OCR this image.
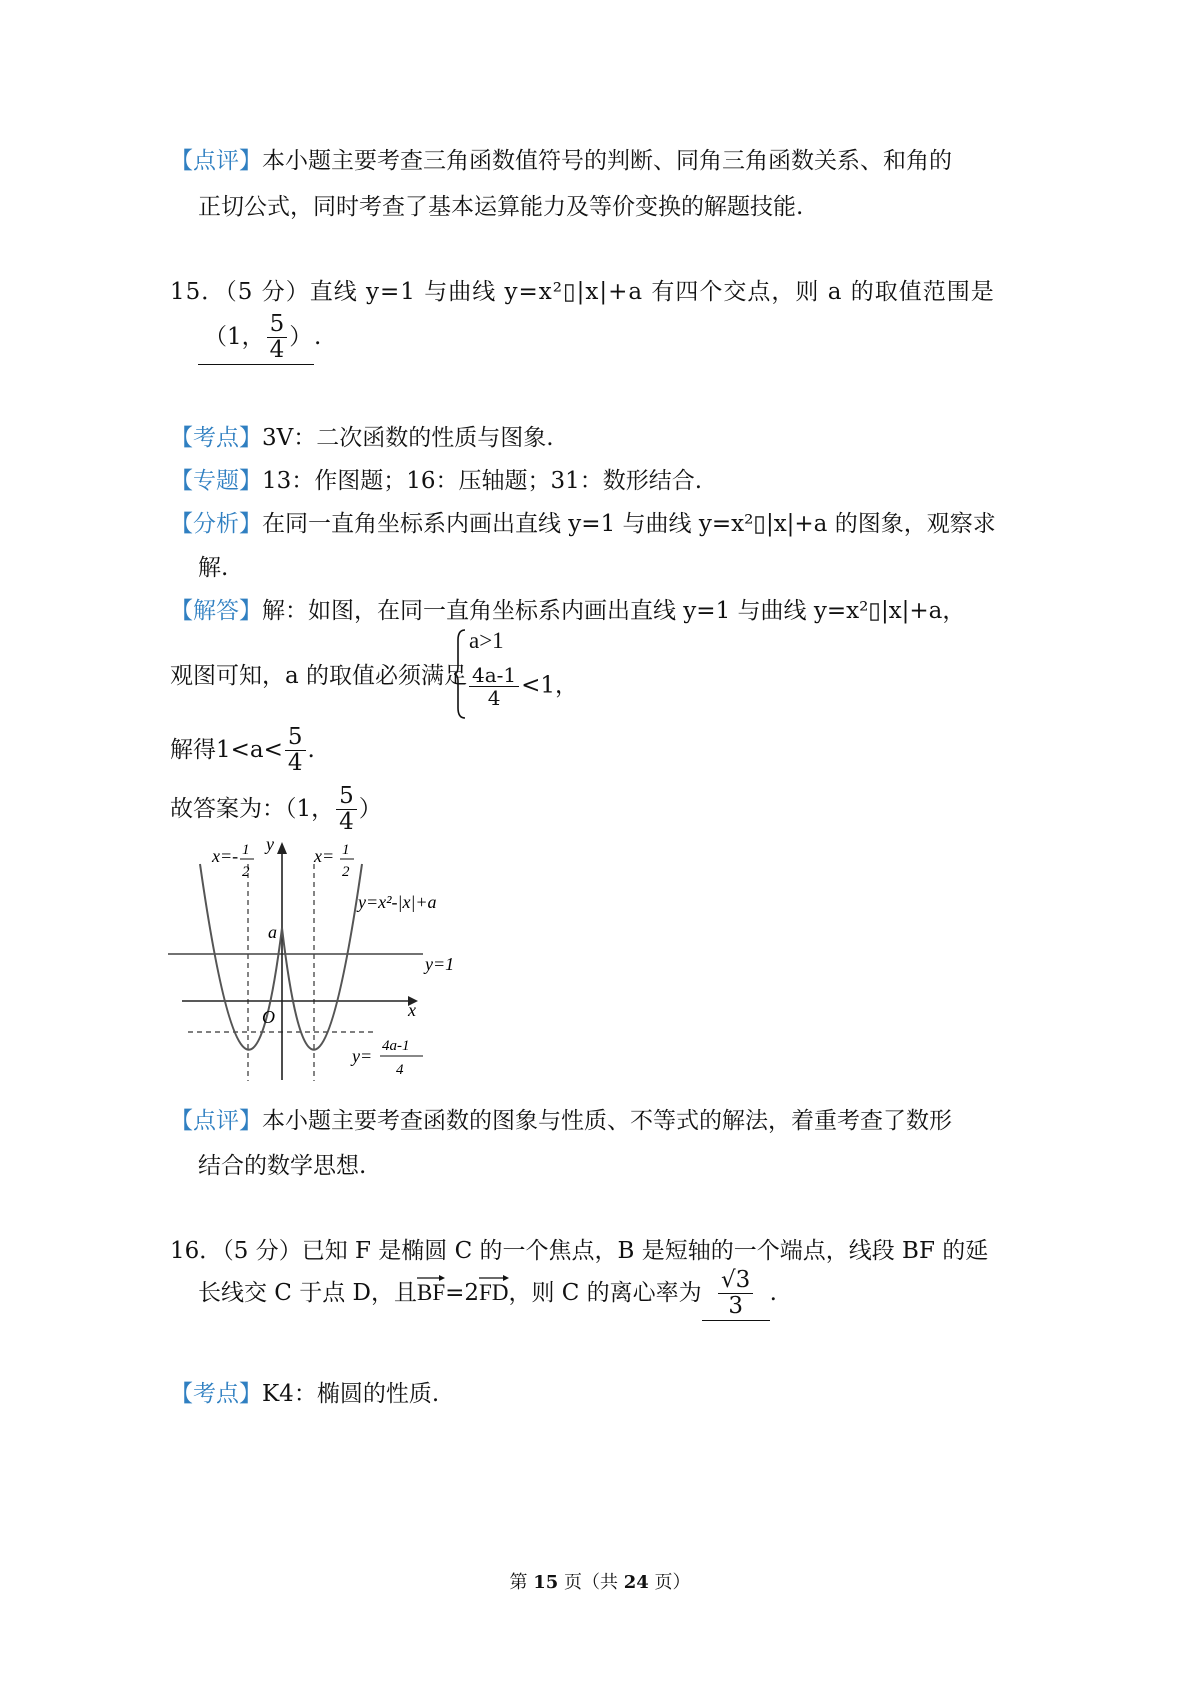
【点评】本小题主要考查三角函数值符号的判断、同角三角函数关系、和角的
正切公式，同时考查了基本运算能力及等价变换的解题技能.
15．（5 分）直线 y=1 与曲线 y=x²▯|x|+a 有四个交点，则 a 的取值范围是
（1， $\frac{5}{4}$ ）.
【考点】3V：二次函数的性质与图象.
【专题】13：作图题；16：压轴题；31：数形结合.
【分析】在同一直角坐标系内画出直线 y=1 与曲线 y=x²▯|x|+a 的图象，观察求
解.
【解答】解：如图，在同一直角坐标系内画出直线 y=1 与曲线 y=x²▯|x|+a，
观图可知，a 的取值必须满足
a>1
$\frac{4a-1}{4} <1$，
解得$1<a< \frac{5}{4}$ .
故答案为：（1， $\frac{5}{4}$ ）
x=- 1
2
y
x= 1
2
y=x²-|x|+a
a
y=1
x
O
y= 4a-1
4
【点评】本小题主要考查函数的图象与性质、不等式的解法，着重考查了数形
结合的数学思想.
16．（5 分）已知 F 是椭圆 C 的一个焦点，B 是短轴的一个端点，线段 BF 的延
长线交 C 于点 D，且
BF=2
FD，则 C 的离心率为 $\frac{√3}{3}$ .
【考点】K4：椭圆的性质.
第 15 页（共 24 页）
